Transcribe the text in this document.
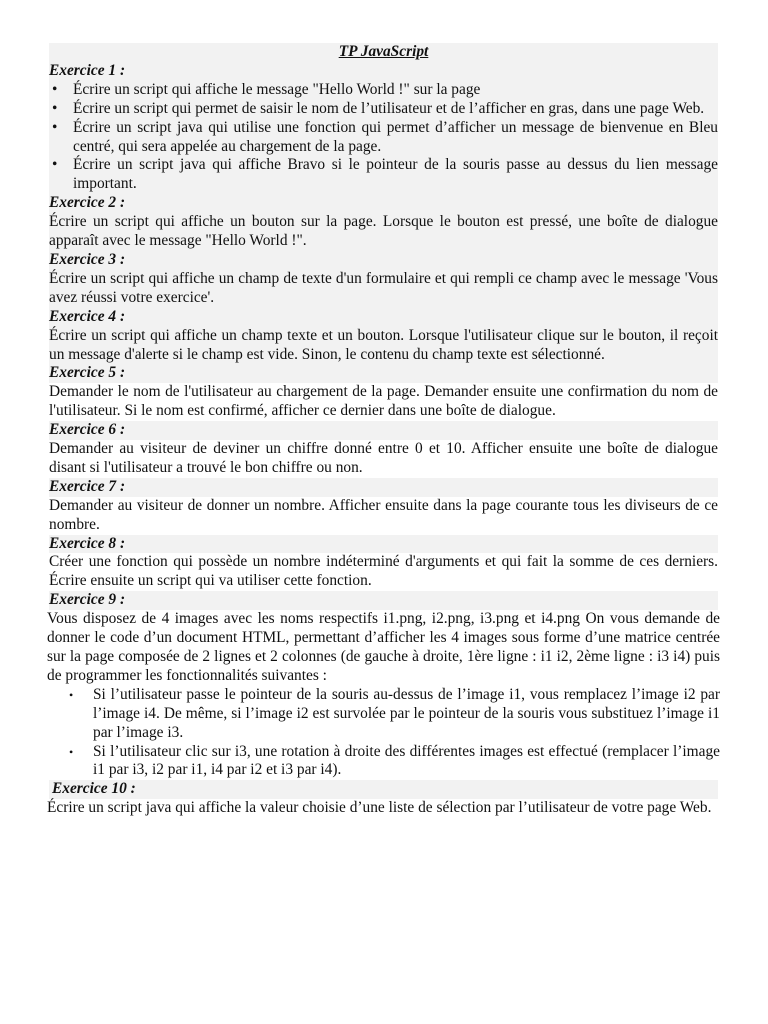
TP JavaScript
Exercice 1 :
• Écrire un script qui affiche le message "Hello World !" sur la page
• Écrire un script qui permet de saisir le nom de l’utilisateur et de l’afficher en gras, dans une page Web.
• Écrire un script java qui utilise une fonction qui permet d’afficher un message de bienvenue en Bleu centré, qui sera appelée au chargement de la page.
• Écrire un script java qui affiche Bravo si le pointeur de la souris passe au dessus du lien message important.
Exercice 2 :

Écrire un script qui affiche un bouton sur la page. Lorsque le bouton est pressé, une boîte de dialogue apparaît avec le message "Hello World !".

Exercice 3 :

Écrire un script qui affiche un champ de texte d'un formulaire et qui rempli ce champ avec le message 'Vous avez réussi votre exercice'.

Exercice 4 :

Écrire un script qui affiche un champ texte et un bouton. Lorsque l'utilisateur clique sur le bouton, il reçoit un message d'alerte si le champ est vide. Sinon, le contenu du champ texte est sélectionné.

Exercice 5 :

Demander le nom de l'utilisateur au chargement de la page. Demander ensuite une confirmation du nom de l'utilisateur. Si le nom est confirmé, afficher ce dernier dans une boîte de dialogue.

Exercice 6 :

Demander au visiteur de deviner un chiffre donné entre 0 et 10. Afficher ensuite une boîte de dialogue disant si l'utilisateur a trouvé le bon chiffre ou non.

Exercice 7 :

Demander au visiteur de donner un nombre. Afficher ensuite dans la page courante tous les diviseurs de ce nombre.

Exercice 8 :

Créer une fonction qui possède un nombre indéterminé d'arguments et qui fait la somme de ces derniers. Écrire ensuite un script qui va utiliser cette fonction.

Exercice 9 :

Vous disposez de 4 images avec les noms respectifs i1.png, i2.png, i3.png et i4.png On vous demande de donner le code d’un document HTML, permettant d’afficher les 4 images sous forme d’une matrice centrée sur la page composée de 2 lignes et 2 colonnes (de gauche à droite, 1ère ligne : i1 i2, 2ème ligne : i3 i4) puis de programmer les fonctionnalités suivantes :

• Si l’utilisateur passe le pointeur de la souris au-dessus de l’image i1, vous remplacez l’image i2 par l’image i4. De même, si l’image i2 est survolée par le pointeur de la souris vous substituez l’image i1 par l’image i3.
• Si l’utilisateur clic sur i3, une rotation à droite des différentes images est effectué (remplacer l’image i1 par i3, i2 par i1, i4 par i2 et i3 par i4).
Exercice 10 :

Écrire un script java qui affiche la valeur choisie d’une liste de sélection par l’utilisateur de votre page Web.
